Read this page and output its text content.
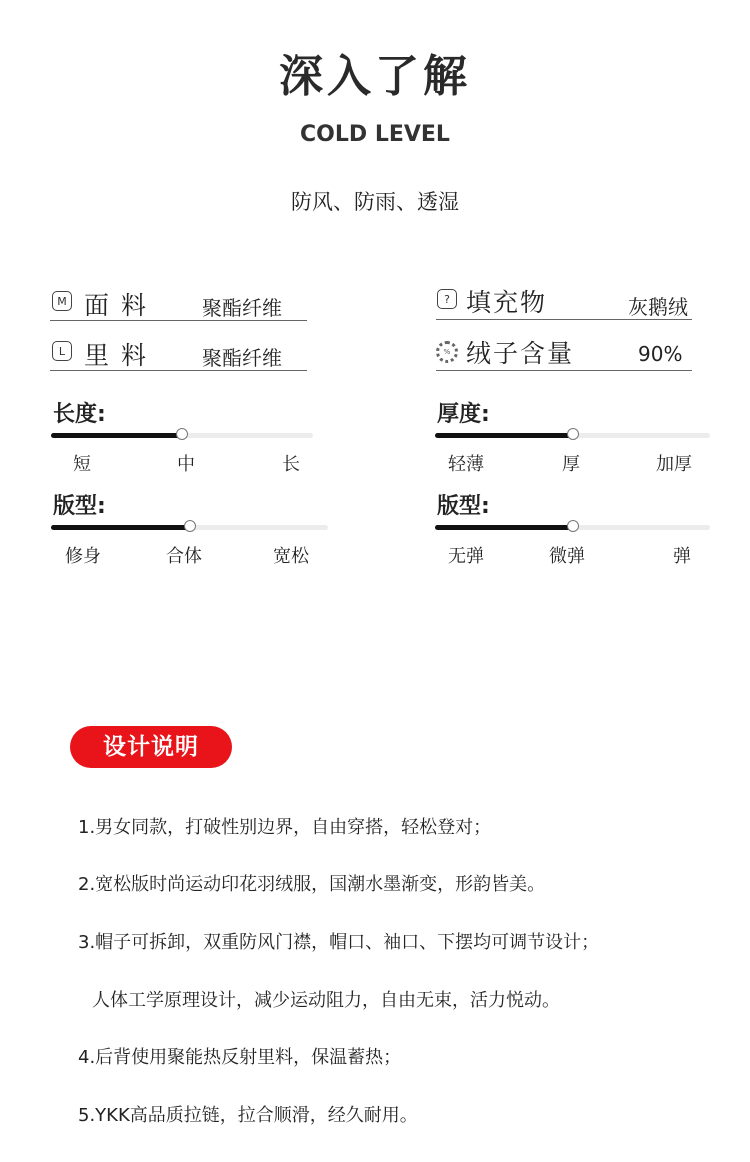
深入了解
COLD LEVEL
防风、防雨、透湿
M 面 料	聚酯纤维
L 里 料	聚酯纤维
? 填充物	灰鹅绒
% 绒子含量	90%
长度:
短	中	长
厚度:
轻薄	厚	加厚
版型:
修身	合体	宽松
版型:
无弹	微弹	弹
设计说明
1.男女同款，打破性别边界，自由穿搭，轻松登对；
2.宽松版时尚运动印花羽绒服，国潮水墨渐变，形韵皆美。
3.帽子可拆卸，双重防风门襟，帽口、袖口、下摆均可调节设计；
人体工学原理设计，减少运动阻力，自由无束，活力悦动。
4.后背使用聚能热反射里料，保温蓄热；
5.YKK高品质拉链，拉合顺滑，经久耐用。
